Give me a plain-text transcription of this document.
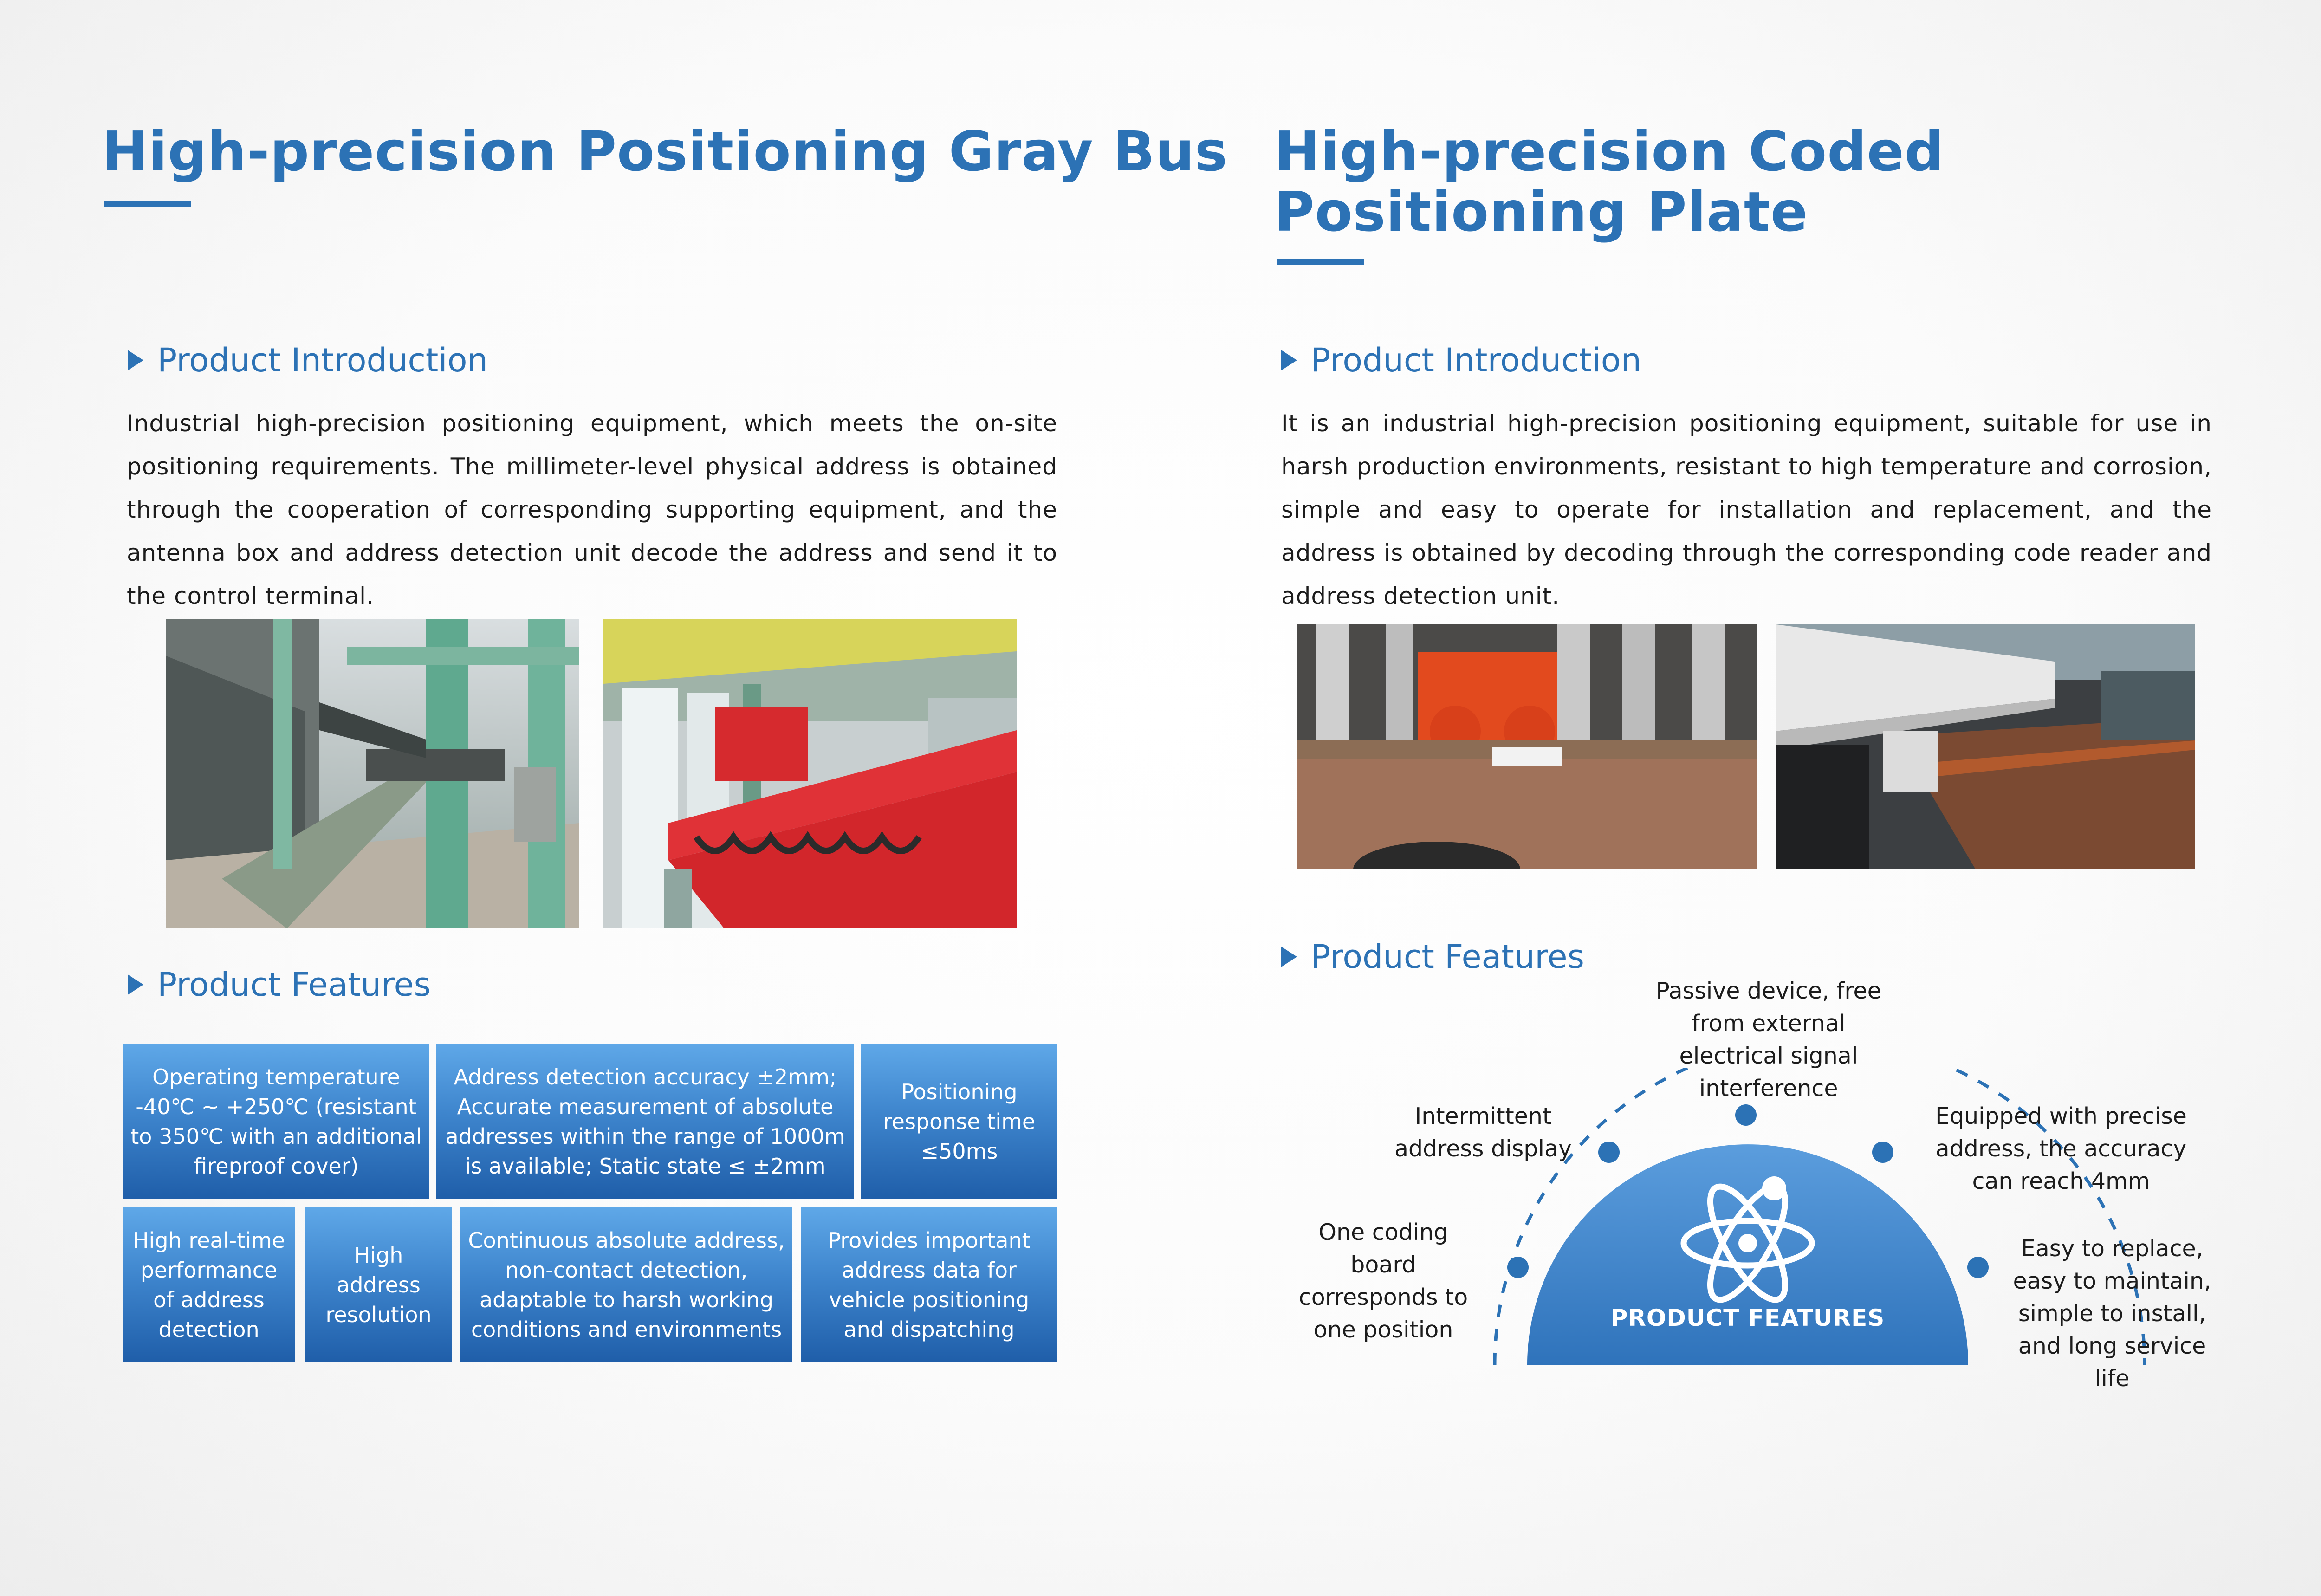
High-precision Positioning Gray Bus
Product Introduction

Industrial high-precision positioning equipment, which meets the on-site positioning requirements. The millimeter-level physical address is obtained through the cooperation of corresponding supporting equipment, and the antenna box and address detection unit decode the address and send it to the control terminal.

Product Features
Operating temperature -40℃ ~ +250℃ (resistant to 350℃ with an additional fireproof cover)
Address detection accuracy ±2mm; Accurate measurement of absolute addresses within the range of 1000m is available; Static state ≤ ±2mm
Positioning response time ≤50ms
High real-time performance of address detection
High address resolution
Continuous absolute address, non-contact detection, adaptable to harsh working conditions and environments
Provides important address data for vehicle positioning and dispatching

High-precision Coded

Positioning Plate

Product Introduction

It is an industrial high-precision positioning equipment, suitable for use in harsh production environments, resistant to high temperature and corrosion, simple and easy to operate for installation and replacement, and the address is obtained by decoding through the corresponding code reader and address detection unit.

Product Features
PRODUCT FEATURES
One coding board corresponds to one position
Intermittent address display
Passive device, free from external electrical signal interference
Equipped with precise address, the accuracy can reach 4mm
Easy to replace, easy to maintain, simple to install, and long service life
